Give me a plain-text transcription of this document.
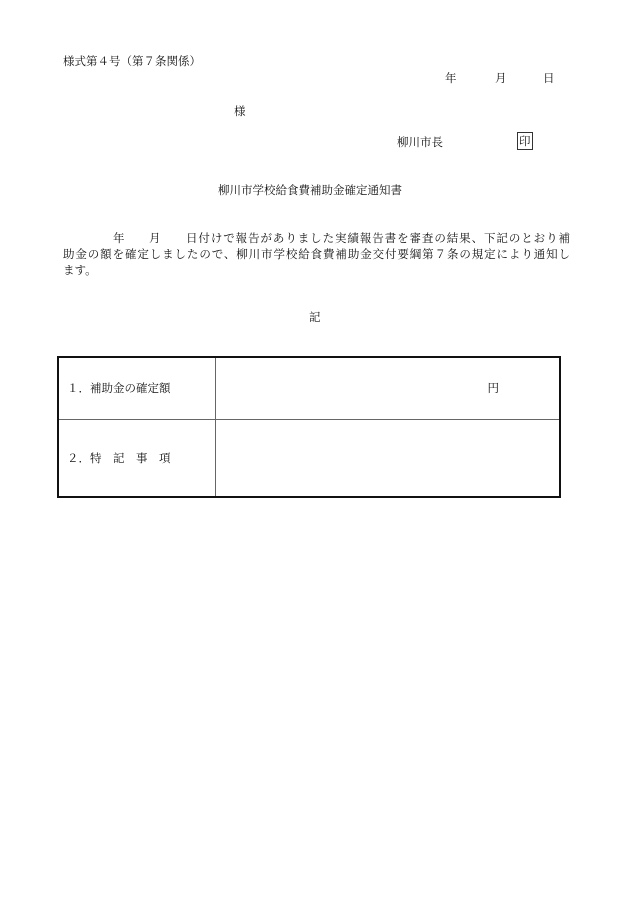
様式第４号（第７条関係）
年	月	日
様
柳川市長	印
柳川市学校給食費補助金確定通知書
年 月 日付けで報告がありました実績報告書を審査の結果、下記のとおり補
助金の額を確定しましたので、柳川市学校給食費補助金交付要綱第７条の規定により通知し
ます。
記
１．補助金の確定額	円
２．特　記　事　項	
